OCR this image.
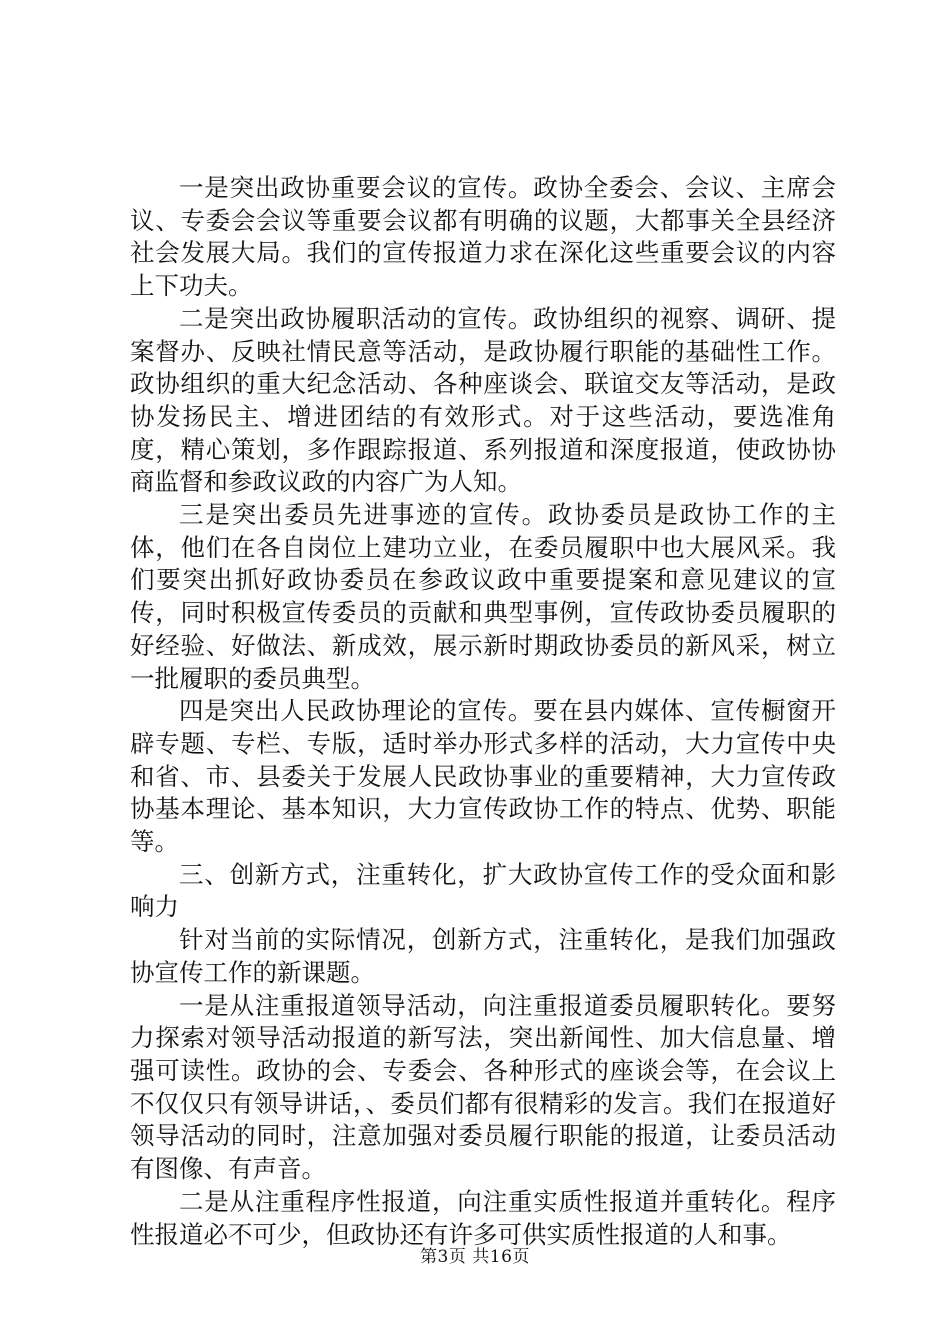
一是突出政协重要会议的宣传。政协全委会、会议、主席会议、专委会会议等重要会议都有明确的议题，大都事关全县经济社会发展大局。我们的宣传报道力求在深化这些重要会议的内容上下功夫。

二是突出政协履职活动的宣传。政协组织的视察、调研、提案督办、反映社情民意等活动，是政协履行职能的基础性工作。政协组织的重大纪念活动、各种座谈会、联谊交友等活动，是政协发扬民主、增进团结的有效形式。对于这些活动，要选准角度，精心策划，多作跟踪报道、系列报道和深度报道，使政协协商监督和参政议政的内容广为人知。

三是突出委员先进事迹的宣传。政协委员是政协工作的主体，他们在各自岗位上建功立业，在委员履职中也大展风采。我们要突出抓好政协委员在参政议政中重要提案和意见建议的宣传，同时积极宣传委员的贡献和典型事例，宣传政协委员履职的好经验、好做法、新成效，展示新时期政协委员的新风采，树立一批履职的委员典型。

四是突出人民政协理论的宣传。要在县内媒体、宣传橱窗开辟专题、专栏、专版，适时举办形式多样的活动，大力宣传中央和省、市、县委关于发展人民政协事业的重要精神，大力宣传政协基本理论、基本知识，大力宣传政协工作的特点、优势、职能等。

三、创新方式，注重转化，扩大政协宣传工作的受众面和影响力

针对当前的实际情况，创新方式，注重转化，是我们加强政协宣传工作的新课题。

一是从注重报道领导活动，向注重报道委员履职转化。要努力探索对领导活动报道的新写法，突出新闻性、加大信息量、增强可读性。政协的会、专委会、各种形式的座谈会等，在会议上不仅仅只有领导讲话，、委员们都有很精彩的发言。我们在报道好领导活动的同时，注意加强对委员履行职能的报道，让委员活动有图像、有声音。

二是从注重程序性报道，向注重实质性报道并重转化。程序性报道必不可少，但政协还有许多可供实质性报道的人和事。

第3页 共16页
